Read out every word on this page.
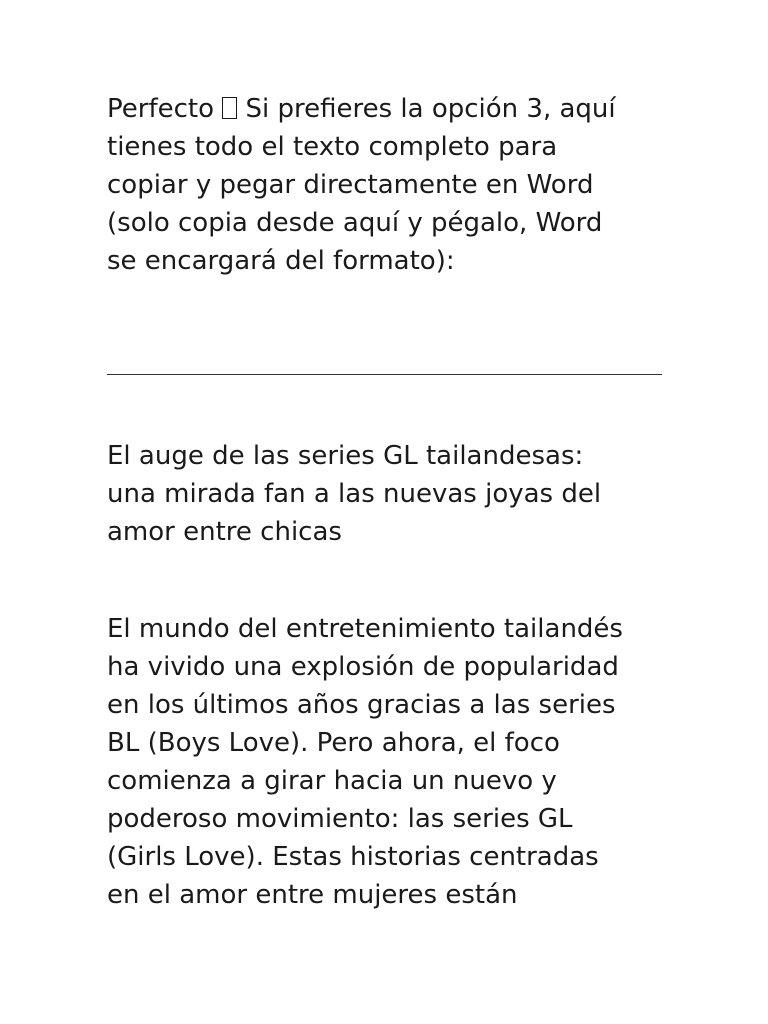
Perfecto  Si prefieres la opción 3, aquí
tienes todo el texto completo para
copiar y pegar directamente en Word
(solo copia desde aquí y pégalo, Word
se encargará del formato):

El auge de las series GL tailandesas:
una mirada fan a las nuevas joyas del
amor entre chicas

El mundo del entretenimiento tailandés
ha vivido una explosión de popularidad
en los últimos años gracias a las series
BL (Boys Love). Pero ahora, el foco
comienza a girar hacia un nuevo y
poderoso movimiento: las series GL
(Girls Love). Estas historias centradas
en el amor entre mujeres están
